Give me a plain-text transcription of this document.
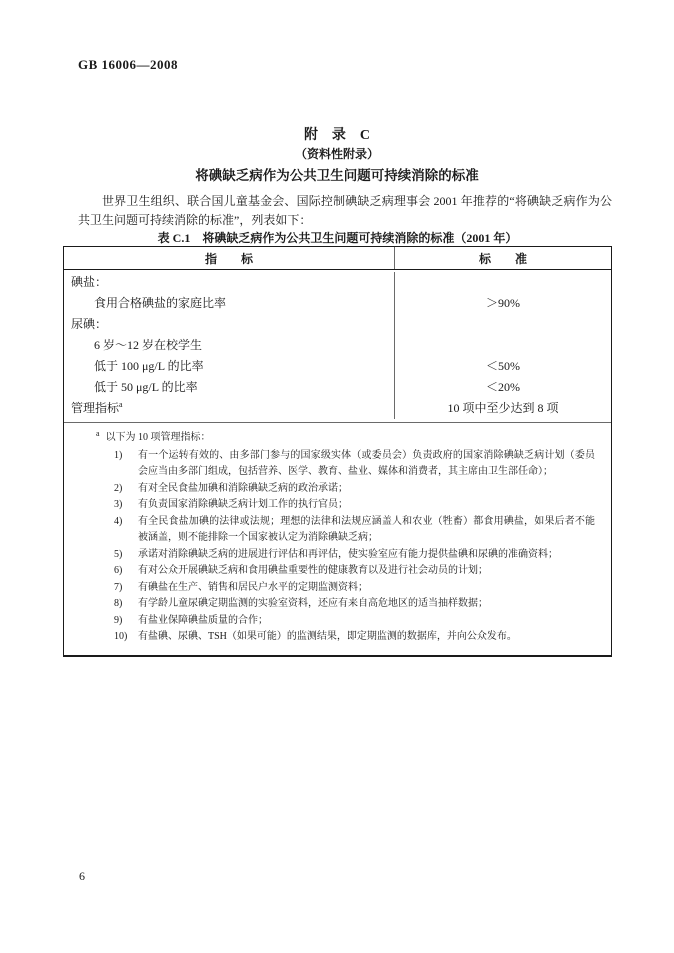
GB 16006—2008
附　录　C
（资料性附录）
将碘缺乏病作为公共卫生问题可持续消除的标准
世界卫生组织、联合国儿童基金会、国际控制碘缺乏病理事会 2001 年推荐的“将碘缺乏病作为公共卫生问题可持续消除的标准”，列表如下：
表 C.1　将碘缺乏病作为公共卫生问题可持续消除的标准（2001 年）
指　　标	标　　准
碘盐：
食用合格碘盐的家庭比率	＞90%
尿碘：
6 岁～12 岁在校学生
低于 100 μg/L 的比率	＜50%
低于 50 μg/L 的比率	＜20%
管理指标$^a$	10 项中至少达到 8 项
$^a$ 以下为 10 项管理指标：
1)	有一个运转有效的、由多部门参与的国家级实体（或委员会）负责政府的国家消除碘缺乏病计划（委员会应当由多部门组成，包括营养、医学、教育、盐业、媒体和消费者，其主席由卫生部任命）；
2)	有对全民食盐加碘和消除碘缺乏病的政治承诺；
3)	有负责国家消除碘缺乏病计划工作的执行官员；
4)	有全民食盐加碘的法律或法规；理想的法律和法规应涵盖人和农业（牲畜）都食用碘盐，如果后者不能被涵盖，则不能排除一个国家被认定为消除碘缺乏病；
5)	承诺对消除碘缺乏病的进展进行评估和再评估，使实验室应有能力提供盐碘和尿碘的准确资料；
6)	有对公众开展碘缺乏病和食用碘盐重要性的健康教育以及进行社会动员的计划；
7)	有碘盐在生产、销售和居民户水平的定期监测资料；
8)	有学龄儿童尿碘定期监测的实验室资料，还应有来自高危地区的适当抽样数据；
9)	有盐业保障碘盐质量的合作；
10)	有盐碘、尿碘、TSH（如果可能）的监测结果，即定期监测的数据库，并向公众发布。
6
